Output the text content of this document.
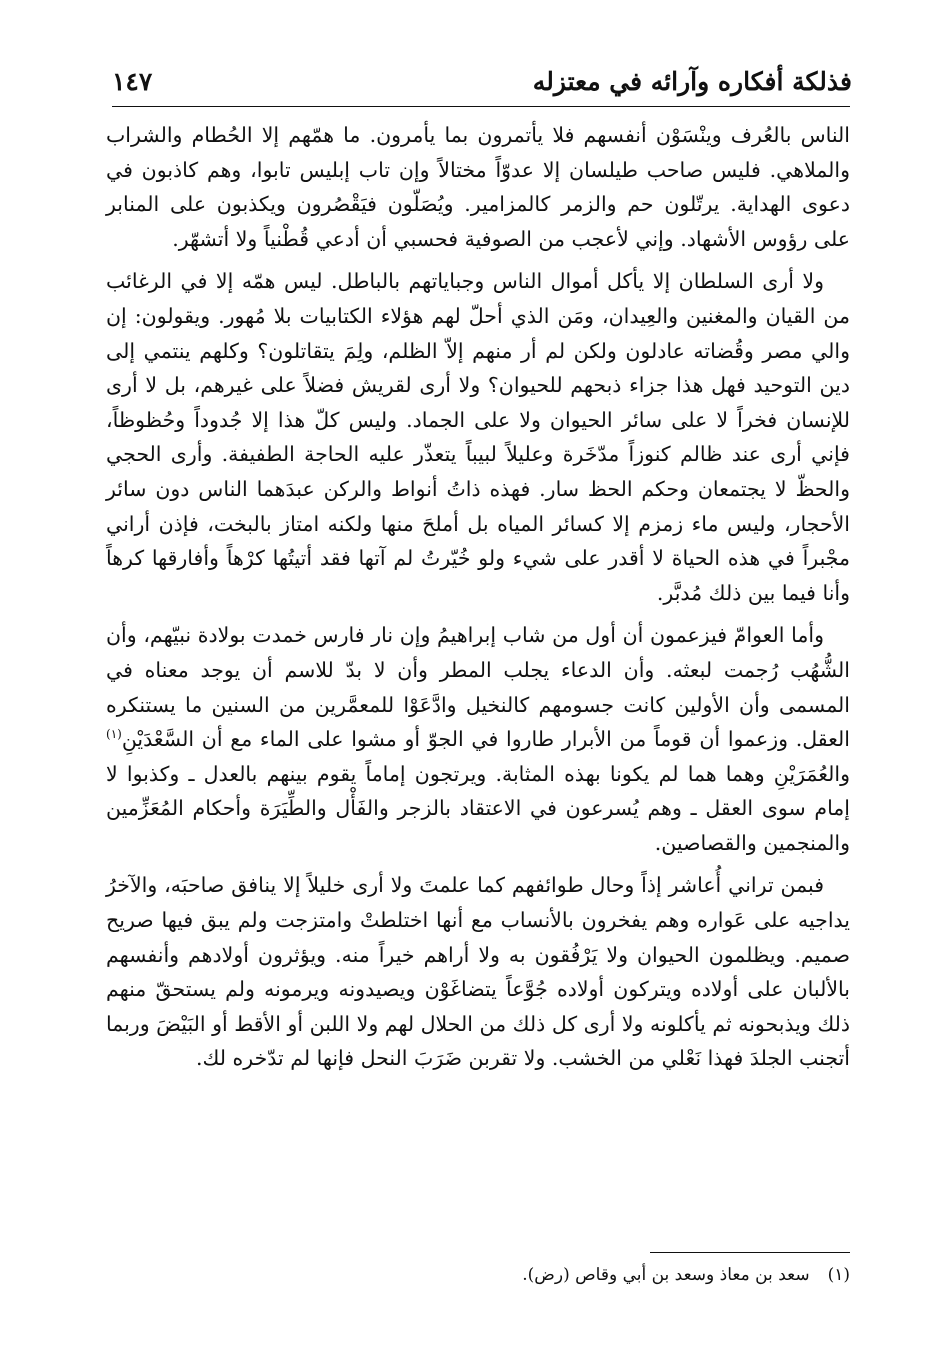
فذلكة أفكاره وآرائه في معتزله
١٤٧

الناس بالعُرف وينْسَوْن أنفسهم فلا يأتمرون بما يأمرون. ما همّهم إلا الحُطام والشراب والملاهي. فليس صاحب طيلسان إلا عدوّاً مختالاً وإن تاب إبليس تابوا، وهم كاذبون في دعوى الهداية. يرتّلون حم والزمر كالمزامير. ويُصَلّون فيَقْصُرون ويكذبون على المنابر على رؤوس الأشهاد. وإني لأعجب من الصوفية فحسبي أن أدعي قُطْنياً ولا أتشهّر.

ولا أرى السلطان إلا يأكل أموال الناس وجباياتهم بالباطل. ليس همّه إلا في الرغائب من القيان والمغنين والعِيدان، ومَن الذي أحلّ لهم هؤلاء الكتابيات بلا مُهور. ويقولون: إن والي مصر وقُضاته عادلون ولكن لم أر منهم إلاّ الظلم، ولِمَ يتقاتلون؟ وكلهم ينتمي إلى دين التوحيد فهل هذا جزاء ذبحهم للحيوان؟ ولا أرى لقريش فضلاً على غيرهم، بل لا أرى للإنسان فخراً لا على سائر الحيوان ولا على الجماد. وليس كلّ هذا إلا جُدوداً وحُظوظاً، فإني أرى عند ظالم كنوزاً مدّخَرة وعليلاً لبيباً يتعذّر عليه الحاجة الطفيفة. وأرى الحجي والحظّ لا يجتمعان وحكم الحظ سار. فهذه ذاتُ أنواط والركن عبدَهما الناس دون سائر الأحجار، وليس ماء زمزم إلا كسائر المياه بل أملحَ منها ولكنه امتاز بالبخت، فإذن أراني مجْبراً في هذه الحياة لا أقدر على شيء ولو خُيّرتُ لم آتها فقد أتيتُها كرْهاً وأفارقها كرهاً وأنا فيما بين ذلك مُدبَّر.

وأما العوامّ فيزعمون أن أول من شاب إبراهيمُ وإن نار فارس خمدت بولادة نبيّهم، وأن الشُّهُب رُجمت لبعثه. وأن الدعاء يجلب المطر وأن لا بدّ للاسم أن يوجد معناه في المسمى وأن الأولين كانت جسومهم كالنخيل وادَّعَوْا للمعمَّرين من السنين ما يستنكره العقل. وزعموا أن قوماً من الأبرار طاروا في الجوّ أو مشوا على الماء مع أن السَّعْدَيْنِ$^{(١)}$ والعُمَرَيْنِ وهما هما لم يكونا بهذه المثابة. ويرتجون إماماً يقوم بينهم بالعدل ـ وكذبوا لا إمام سوى العقل ـ وهم يُسرعون في الاعتقاد بالزجر والفَأْل والطِّيَرَة وأحكام المُعَزِّمين والمنجمين والقصاصين.

فبمن تراني أُعاشر إذاً وحال طوائفهم كما علمتَ ولا أرى خليلاً إلا ينافق صاحبَه، والآخرُ يداجيه على عَواره وهم يفخرون بالأنساب مع أنها اختلطتْ وامتزجت ولم يبق فيها صريح صميم. ويظلمون الحيوان ولا يَرْفُقون به ولا أراهم خيراً منه. ويؤثرون أولادهم وأنفسهم بالألبان على أولاده ويتركون أولاده جُوَّعاً يتضاغَوْن ويصيدونه ويرمونه ولم يستحقّ منهم ذلك ويذبحونه ثم يأكلونه ولا أرى كل ذلك من الحلال لهم ولا اللبن أو الأقط أو البَيْضَ وربما أتجنب الجلدَ فهذا نَعْلي من الخشب. ولا تقربن ضَرَبَ النحل فإنها لم تدّخره لك.

(١)سعد بن معاذ وسعد بن أبي وقاص (رض).
